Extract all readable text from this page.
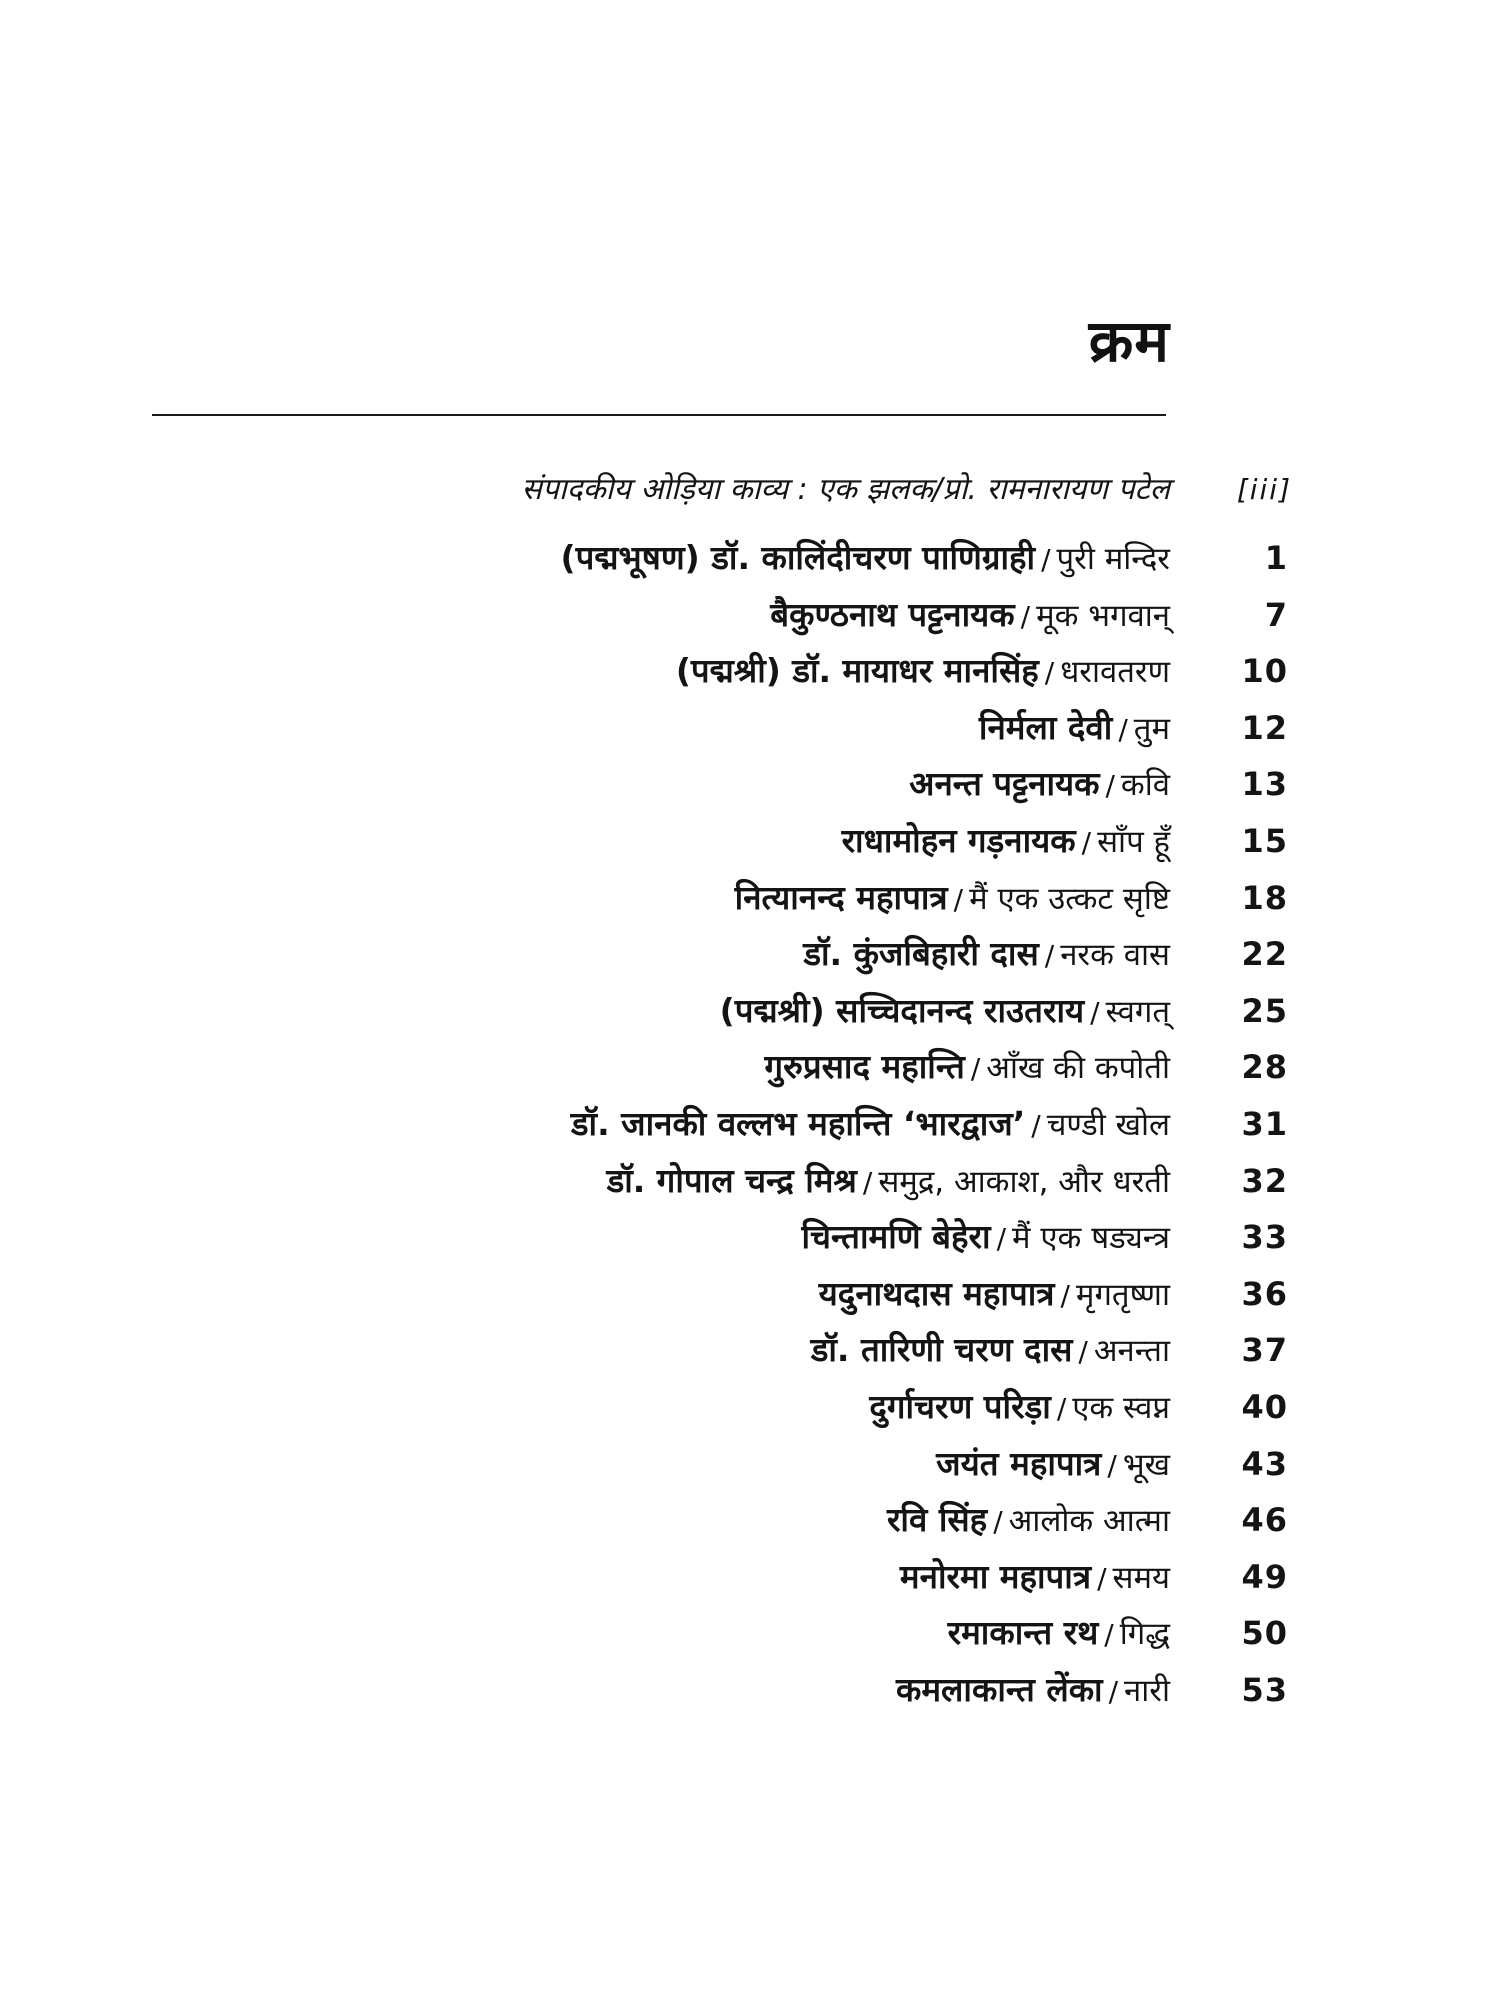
क्रम
संपादकीय ओड़िया काव्य : एक झलक/प्रो. रामनारायण पटेल	[iii]
(पद्मभूषण) डॉ. कालिंदीचरण पाणिग्राही / पुरी मन्दिर	1
बैकुण्ठनाथ पट्टनायक / मूक भगवान्	7
(पद्मश्री) डॉ. मायाधर मानसिंह / धरावतरण	10
निर्मला देवी / तुम	12
अनन्त पट्टनायक / कवि	13
राधामोहन गड़नायक / साँप हूँ	15
नित्यानन्द महापात्र / मैं एक उत्कट सृष्टि	18
डॉ. कुंजबिहारी दास / नरक वास	22
(पद्मश्री) सच्चिदानन्द राउतराय / स्वगत्	25
गुरुप्रसाद महान्ति / आँख की कपोती	28
डॉ. जानकी वल्लभ महान्ति ‘भारद्वाज’ / चण्डी खोल	31
डॉ. गोपाल चन्द्र मिश्र / समुद्र, आकाश, और धरती	32
चिन्तामणि बेहेरा / मैं एक षड्यन्त्र	33
यदुनाथदास महापात्र / मृगतृष्णा	36
डॉ. तारिणी चरण दास / अनन्ता	37
दुर्गाचरण परिड़ा / एक स्वप्न	40
जयंत महापात्र / भूख	43
रवि सिंह / आलोक आत्मा	46
मनोरमा महापात्र / समय	49
रमाकान्त रथ / गिद्ध	50
कमलाकान्त लेंका / नारी	53
